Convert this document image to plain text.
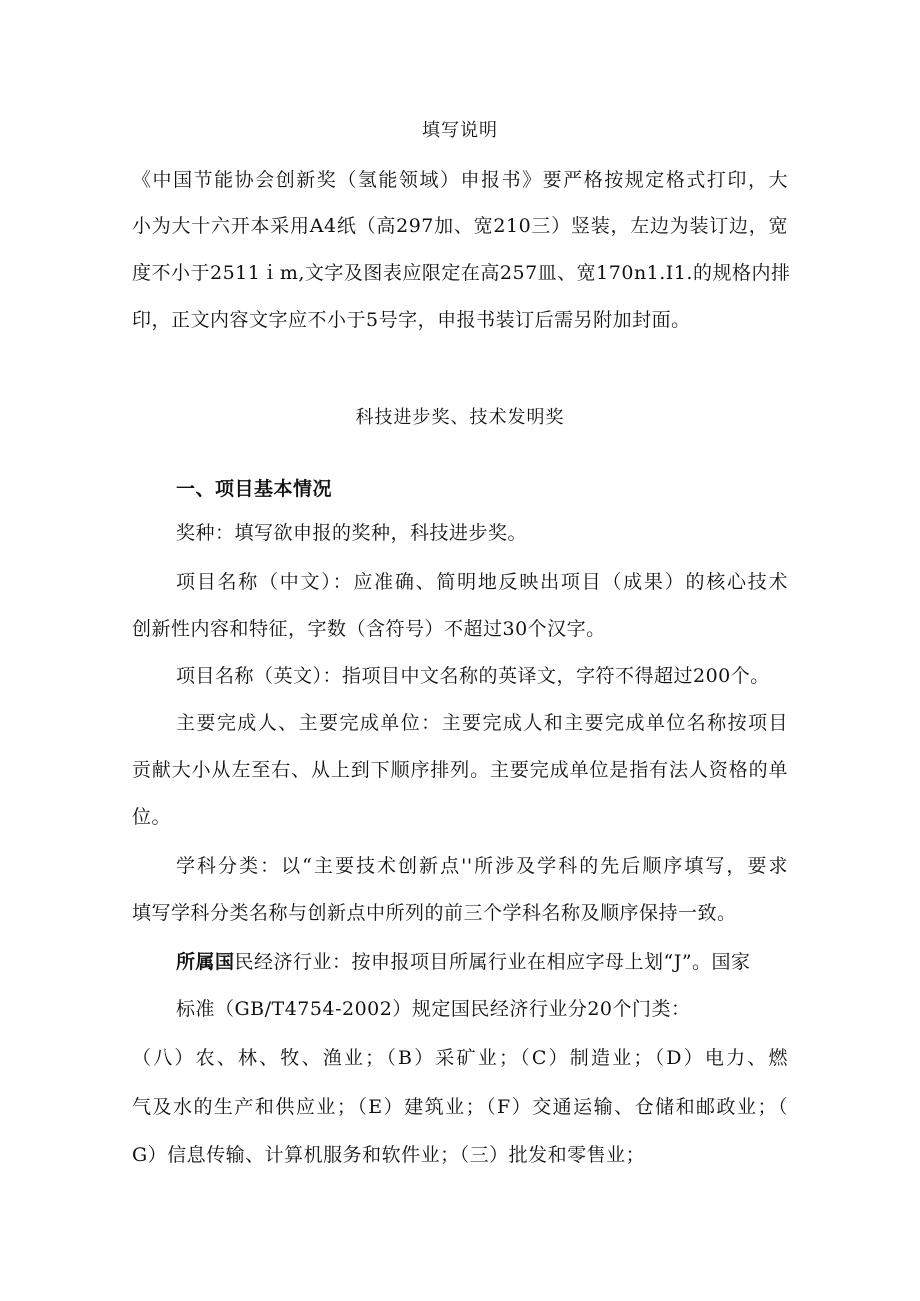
填写说明
《中国节能协会创新奖（氢能领域）申报书》要严格按规定格式打印，大
小为大十六开本采用A4纸（高297加、宽210三）竖装，左边为装订边，宽
度不小于2511ｉm,文字及图表应限定在高257皿、宽170n1.I1.的规格内排
印，正文内容文字应不小于5号字，申报书装订后需另附加封面。
科技进步奖、技术发明奖
一、项目基本情况
奖种：填写欲申报的奖种，科技进步奖。
项目名称（中文）：应准确、简明地反映出项目（成果）的核心技术
创新性内容和特征，字数（含符号）不超过30个汉字。
项目名称（英文）：指项目中文名称的英译文，字符不得超过200个。
主要完成人、主要完成单位：主要完成人和主要完成单位名称按项目
贡献大小从左至右、从上到下顺序排列。主要完成单位是指有法人资格的单
位。
学科分类：以“主要技术创新点''所涉及学科的先后顺序填写，要求
填写学科分类名称与创新点中所列的前三个学科名称及顺序保持一致。
所属国民经济行业：按申报项目所属行业在相应字母上划“J”。国家
标准（GB/T4754-2002）规定国民经济行业分20个门类：
（八）农、林、牧、渔业；（B）采矿业；（C）制造业；（D）电力、燃
气及水的生产和供应业；（E）建筑业；（F）交通运输、仓储和邮政业；（
G）信息传输、计算机服务和软件业；（三）批发和零售业；
